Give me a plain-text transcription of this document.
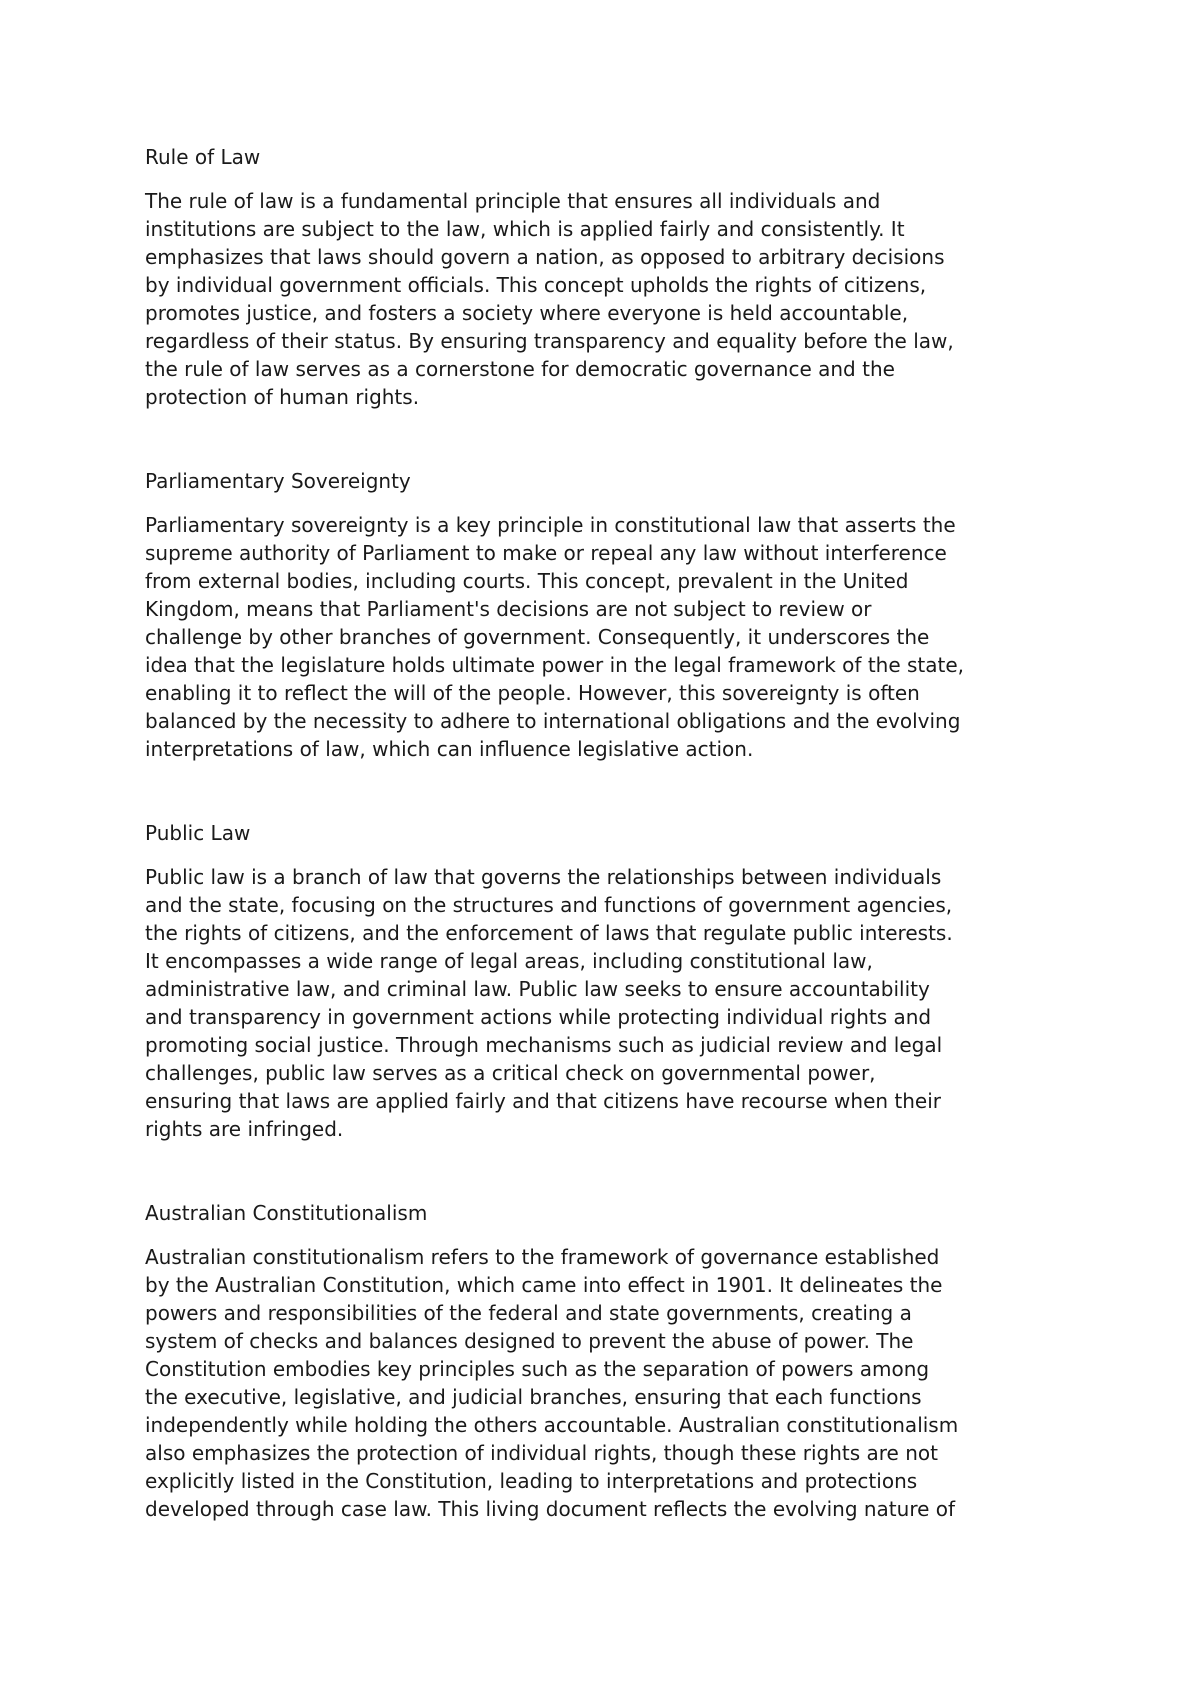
Rule of Law

The rule of law is a fundamental principle that ensures all individuals and
institutions are subject to the law, which is applied fairly and consistently. It
emphasizes that laws should govern a nation, as opposed to arbitrary decisions
by individual government officials. This concept upholds the rights of citizens,
promotes justice, and fosters a society where everyone is held accountable,
regardless of their status. By ensuring transparency and equality before the law,
the rule of law serves as a cornerstone for democratic governance and the
protection of human rights.

Parliamentary Sovereignty

Parliamentary sovereignty is a key principle in constitutional law that asserts the
supreme authority of Parliament to make or repeal any law without interference
from external bodies, including courts. This concept, prevalent in the United
Kingdom, means that Parliament's decisions are not subject to review or
challenge by other branches of government. Consequently, it underscores the
idea that the legislature holds ultimate power in the legal framework of the state,
enabling it to reflect the will of the people. However, this sovereignty is often
balanced by the necessity to adhere to international obligations and the evolving
interpretations of law, which can influence legislative action.

Public Law

Public law is a branch of law that governs the relationships between individuals
and the state, focusing on the structures and functions of government agencies,
the rights of citizens, and the enforcement of laws that regulate public interests.
It encompasses a wide range of legal areas, including constitutional law,
administrative law, and criminal law. Public law seeks to ensure accountability
and transparency in government actions while protecting individual rights and
promoting social justice. Through mechanisms such as judicial review and legal
challenges, public law serves as a critical check on governmental power,
ensuring that laws are applied fairly and that citizens have recourse when their
rights are infringed.

Australian Constitutionalism

Australian constitutionalism refers to the framework of governance established
by the Australian Constitution, which came into effect in 1901. It delineates the
powers and responsibilities of the federal and state governments, creating a
system of checks and balances designed to prevent the abuse of power. The
Constitution embodies key principles such as the separation of powers among
the executive, legislative, and judicial branches, ensuring that each functions
independently while holding the others accountable. Australian constitutionalism
also emphasizes the protection of individual rights, though these rights are not
explicitly listed in the Constitution, leading to interpretations and protections
developed through case law. This living document reflects the evolving nature of
